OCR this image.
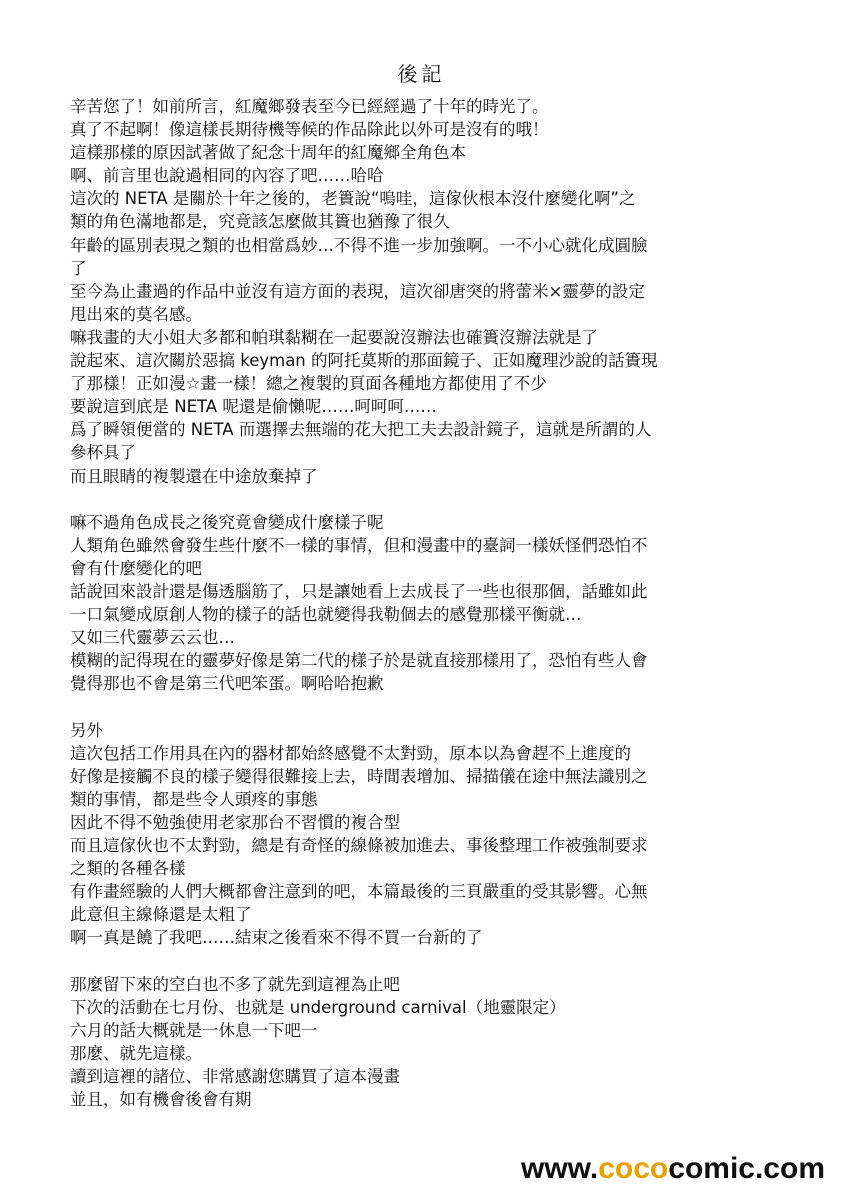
後記
辛苦您了！如前所言，紅魔鄉發表至今已經經過了十年的時光了。
真了不起啊！像這樣長期待機等候的作品除此以外可是沒有的哦！
這樣那樣的原因試著做了紀念十周年的紅魔鄉全角色本
啊、前言里也說過相同的內容了吧……哈哈
這次的 NETA 是關於十年之後的，老簣說“嗚哇，這傢伙根本沒什麼變化啊”之
類的角色滿地都是，究竟該怎麼做其簣也猶豫了很久
年齡的區別表現之類的也相當爲妙…不得不進一步加強啊。一不小心就化成圓臉
了
至今為止畫過的作品中並沒有這方面的表現，這次卻唐突的將蕾米×靈夢的設定
甩出來的莫名感。
嘛我畫的大小姐大多都和帕琪黏糊在一起要說沒辦法也確簣沒辦法就是了
說起來、這次關於惡搞 keyman 的阿托莫斯的那面鏡子、正如魔理沙說的話簣現
了那樣！正如漫☆畫一樣！總之複製的頁面各種地方都使用了不少
要說這到底是 NETA 呢還是偷懶呢……呵呵呵……
爲了瞬領便當的 NETA 而選擇去無端的花大把工夫去設計鏡子，這就是所謂的人
參杯具了
而且眼睛的複製還在中途放棄掉了
嘛不過角色成長之後究竟會變成什麼樣子呢
人類角色雖然會發生些什麼不一樣的事情，但和漫畫中的臺詞一樣妖怪們恐怕不
會有什麼變化的吧
話說回來設計還是傷透腦筋了，只是讓她看上去成長了一些也很那個，話雖如此
一口氣變成原創人物的樣子的話也就變得我勒個去的感覺那樣平衡就…
又如三代靈夢云云也…
模糊的記得現在的靈夢好像是第二代的樣子於是就直接那樣用了，恐怕有些人會
覺得那也不會是第三代吧笨蛋。啊哈哈抱歉
另外
這次包括工作用具在內的器材都始終感覺不太對勁，原本以為會趕不上進度的
好像是接觸不良的樣子變得很難接上去，時間表增加、掃描儀在途中無法識別之
類的事情，都是些令人頭疼的事態
因此不得不勉強使用老家那台不習慣的複合型
而且這傢伙也不太對勁，總是有奇怪的線條被加進去、事後整理工作被強制要求
之類的各種各樣
有作畫經驗的人們大概都會注意到的吧，本篇最後的三頁嚴重的受其影響。心無
此意但主線條還是太粗了
啊一真是饒了我吧……結束之後看來不得不買一台新的了
那麼留下來的空白也不多了就先到這裡為止吧
下次的活動在七月份、也就是 underground carnival（地靈限定）
六月的話大概就是一休息一下吧一
那麼、就先這樣。
讀到這裡的諸位、非常感謝您購買了這本漫畫
並且，如有機會後會有期
www.cococomic.com
